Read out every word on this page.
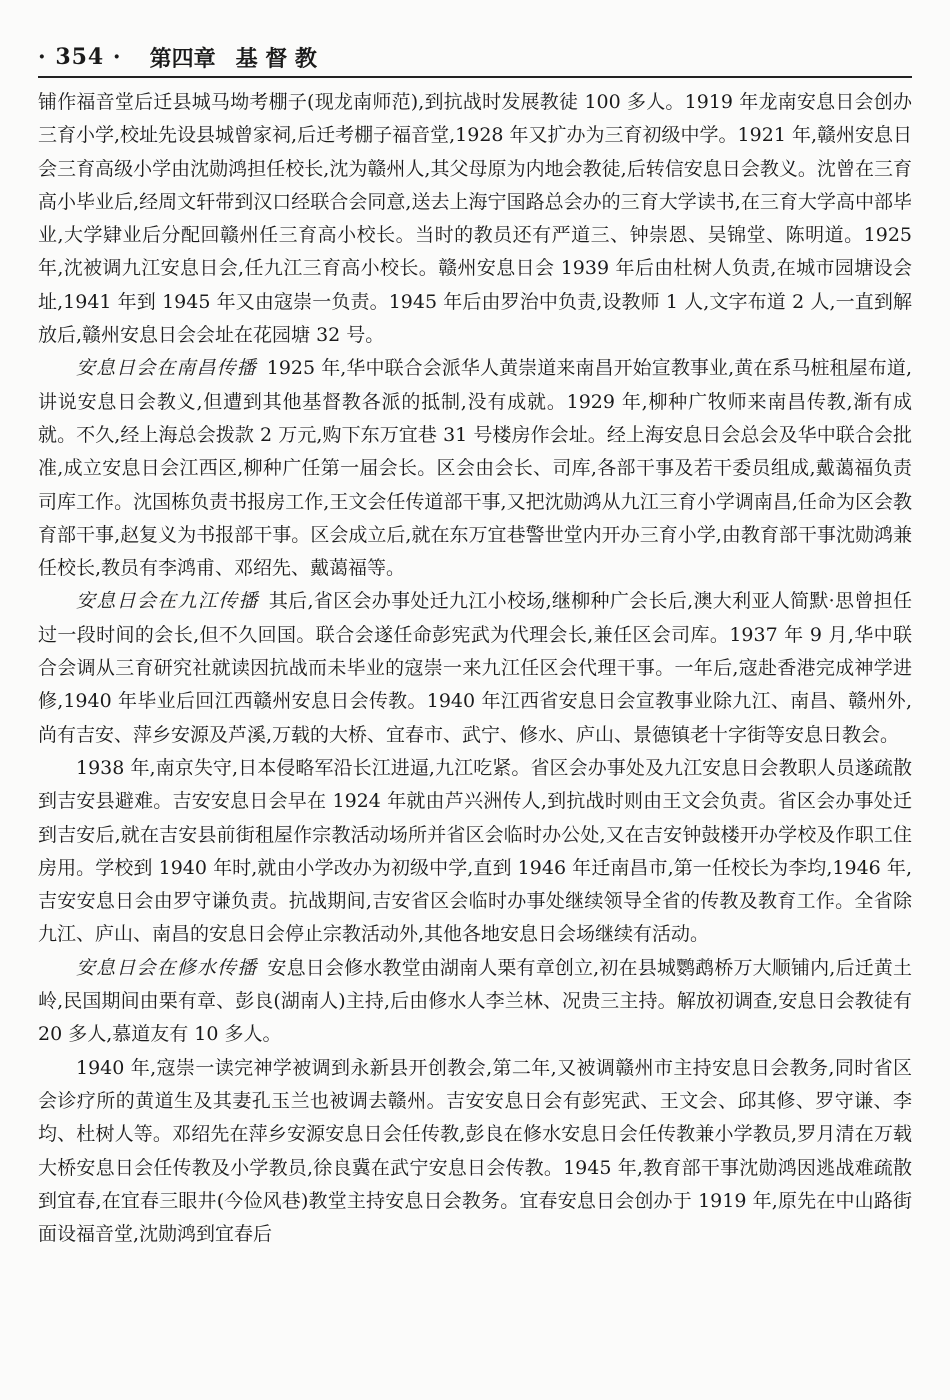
· 354 · 第四章 基 督 教

铺作福音堂后迁县城马坳考棚子(现龙南师范),到抗战时发展教徒 100 多人。1919 年龙南安息日会创办三育小学,校址先设县城曾家祠,后迁考棚子福音堂,1928 年又扩办为三育初级中学。1921 年,赣州安息日会三育高级小学由沈勋鸿担任校长,沈为赣州人,其父母原为内地会教徒,后转信安息日会教义。沈曾在三育高小毕业后,经周文轩带到汉口经联合会同意,送去上海宁国路总会办的三育大学读书,在三育大学高中部毕业,大学肄业后分配回赣州任三育高小校长。当时的教员还有严道三、钟崇恩、吴锦堂、陈明道。1925 年,沈被调九江安息日会,任九江三育高小校长。赣州安息日会 1939 年后由杜树人负责,在城市园塘设会址,1941 年到 1945 年又由寇崇一负责。1945 年后由罗治中负责,设教师 1 人,文字布道 2 人,一直到解放后,赣州安息日会会址在花园塘 32 号。

安息日会在南昌传播 1925 年,华中联合会派华人黄崇道来南昌开始宣教事业,黄在系马桩租屋布道,讲说安息日会教义,但遭到其他基督教各派的抵制,没有成就。1929 年,柳种广牧师来南昌传教,渐有成就。不久,经上海总会拨款 2 万元,购下东万宜巷 31 号楼房作会址。经上海安息日会总会及华中联合会批准,成立安息日会江西区,柳种广任第一届会长。区会由会长、司库,各部干事及若干委员组成,戴蔼福负责司库工作。沈国栋负责书报房工作,王文会任传道部干事,又把沈勋鸿从九江三育小学调南昌,任命为区会教育部干事,赵复义为书报部干事。区会成立后,就在东万宜巷警世堂内开办三育小学,由教育部干事沈勋鸿兼任校长,教员有李鸿甫、邓绍先、戴蔼福等。

安息日会在九江传播 其后,省区会办事处迁九江小校场,继柳种广会长后,澳大利亚人简默·思曾担任过一段时间的会长,但不久回国。联合会遂任命彭宪武为代理会长,兼任区会司库。1937 年 9 月,华中联合会调从三育研究社就读因抗战而未毕业的寇崇一来九江任区会代理干事。一年后,寇赴香港完成神学进修,1940 年毕业后回江西赣州安息日会传教。1940 年江西省安息日会宣教事业除九江、南昌、赣州外,尚有吉安、萍乡安源及芦溪,万载的大桥、宜春市、武宁、修水、庐山、景德镇老十字街等安息日教会。

1938 年,南京失守,日本侵略军沿长江进逼,九江吃紧。省区会办事处及九江安息日会教职人员遂疏散到吉安县避难。吉安安息日会早在 1924 年就由芦兴洲传人,到抗战时则由王文会负责。省区会办事处迁到吉安后,就在吉安县前街租屋作宗教活动场所并省区会临时办公处,又在吉安钟鼓楼开办学校及作职工住房用。学校到 1940 年时,就由小学改办为初级中学,直到 1946 年迁南昌市,第一任校长为李均,1946 年,吉安安息日会由罗守谦负责。抗战期间,吉安省区会临时办事处继续领导全省的传教及教育工作。全省除九江、庐山、南昌的安息日会停止宗教活动外,其他各地安息日会场继续有活动。

安息日会在修水传播 安息日会修水教堂由湖南人栗有章创立,初在县城鹦鹉桥万大顺铺内,后迁黄土岭,民国期间由栗有章、彭良(湖南人)主持,后由修水人李兰林、况贵三主持。解放初调查,安息日会教徒有 20 多人,慕道友有 10 多人。

1940 年,寇崇一读完神学被调到永新县开创教会,第二年,又被调赣州市主持安息日会教务,同时省区会诊疗所的黄道生及其妻孔玉兰也被调去赣州。吉安安息日会有彭宪武、王文会、邱其修、罗守谦、李均、杜树人等。邓绍先在萍乡安源安息日会任传教,彭良在修水安息日会任传教兼小学教员,罗月清在万载大桥安息日会任传教及小学教员,徐良冀在武宁安息日会传教。1945 年,教育部干事沈勋鸿因逃战难疏散到宜春,在宜春三眼井(今俭风巷)教堂主持安息日会教务。宜春安息日会创办于 1919 年,原先在中山路街面设福音堂,沈勋鸿到宜春后
